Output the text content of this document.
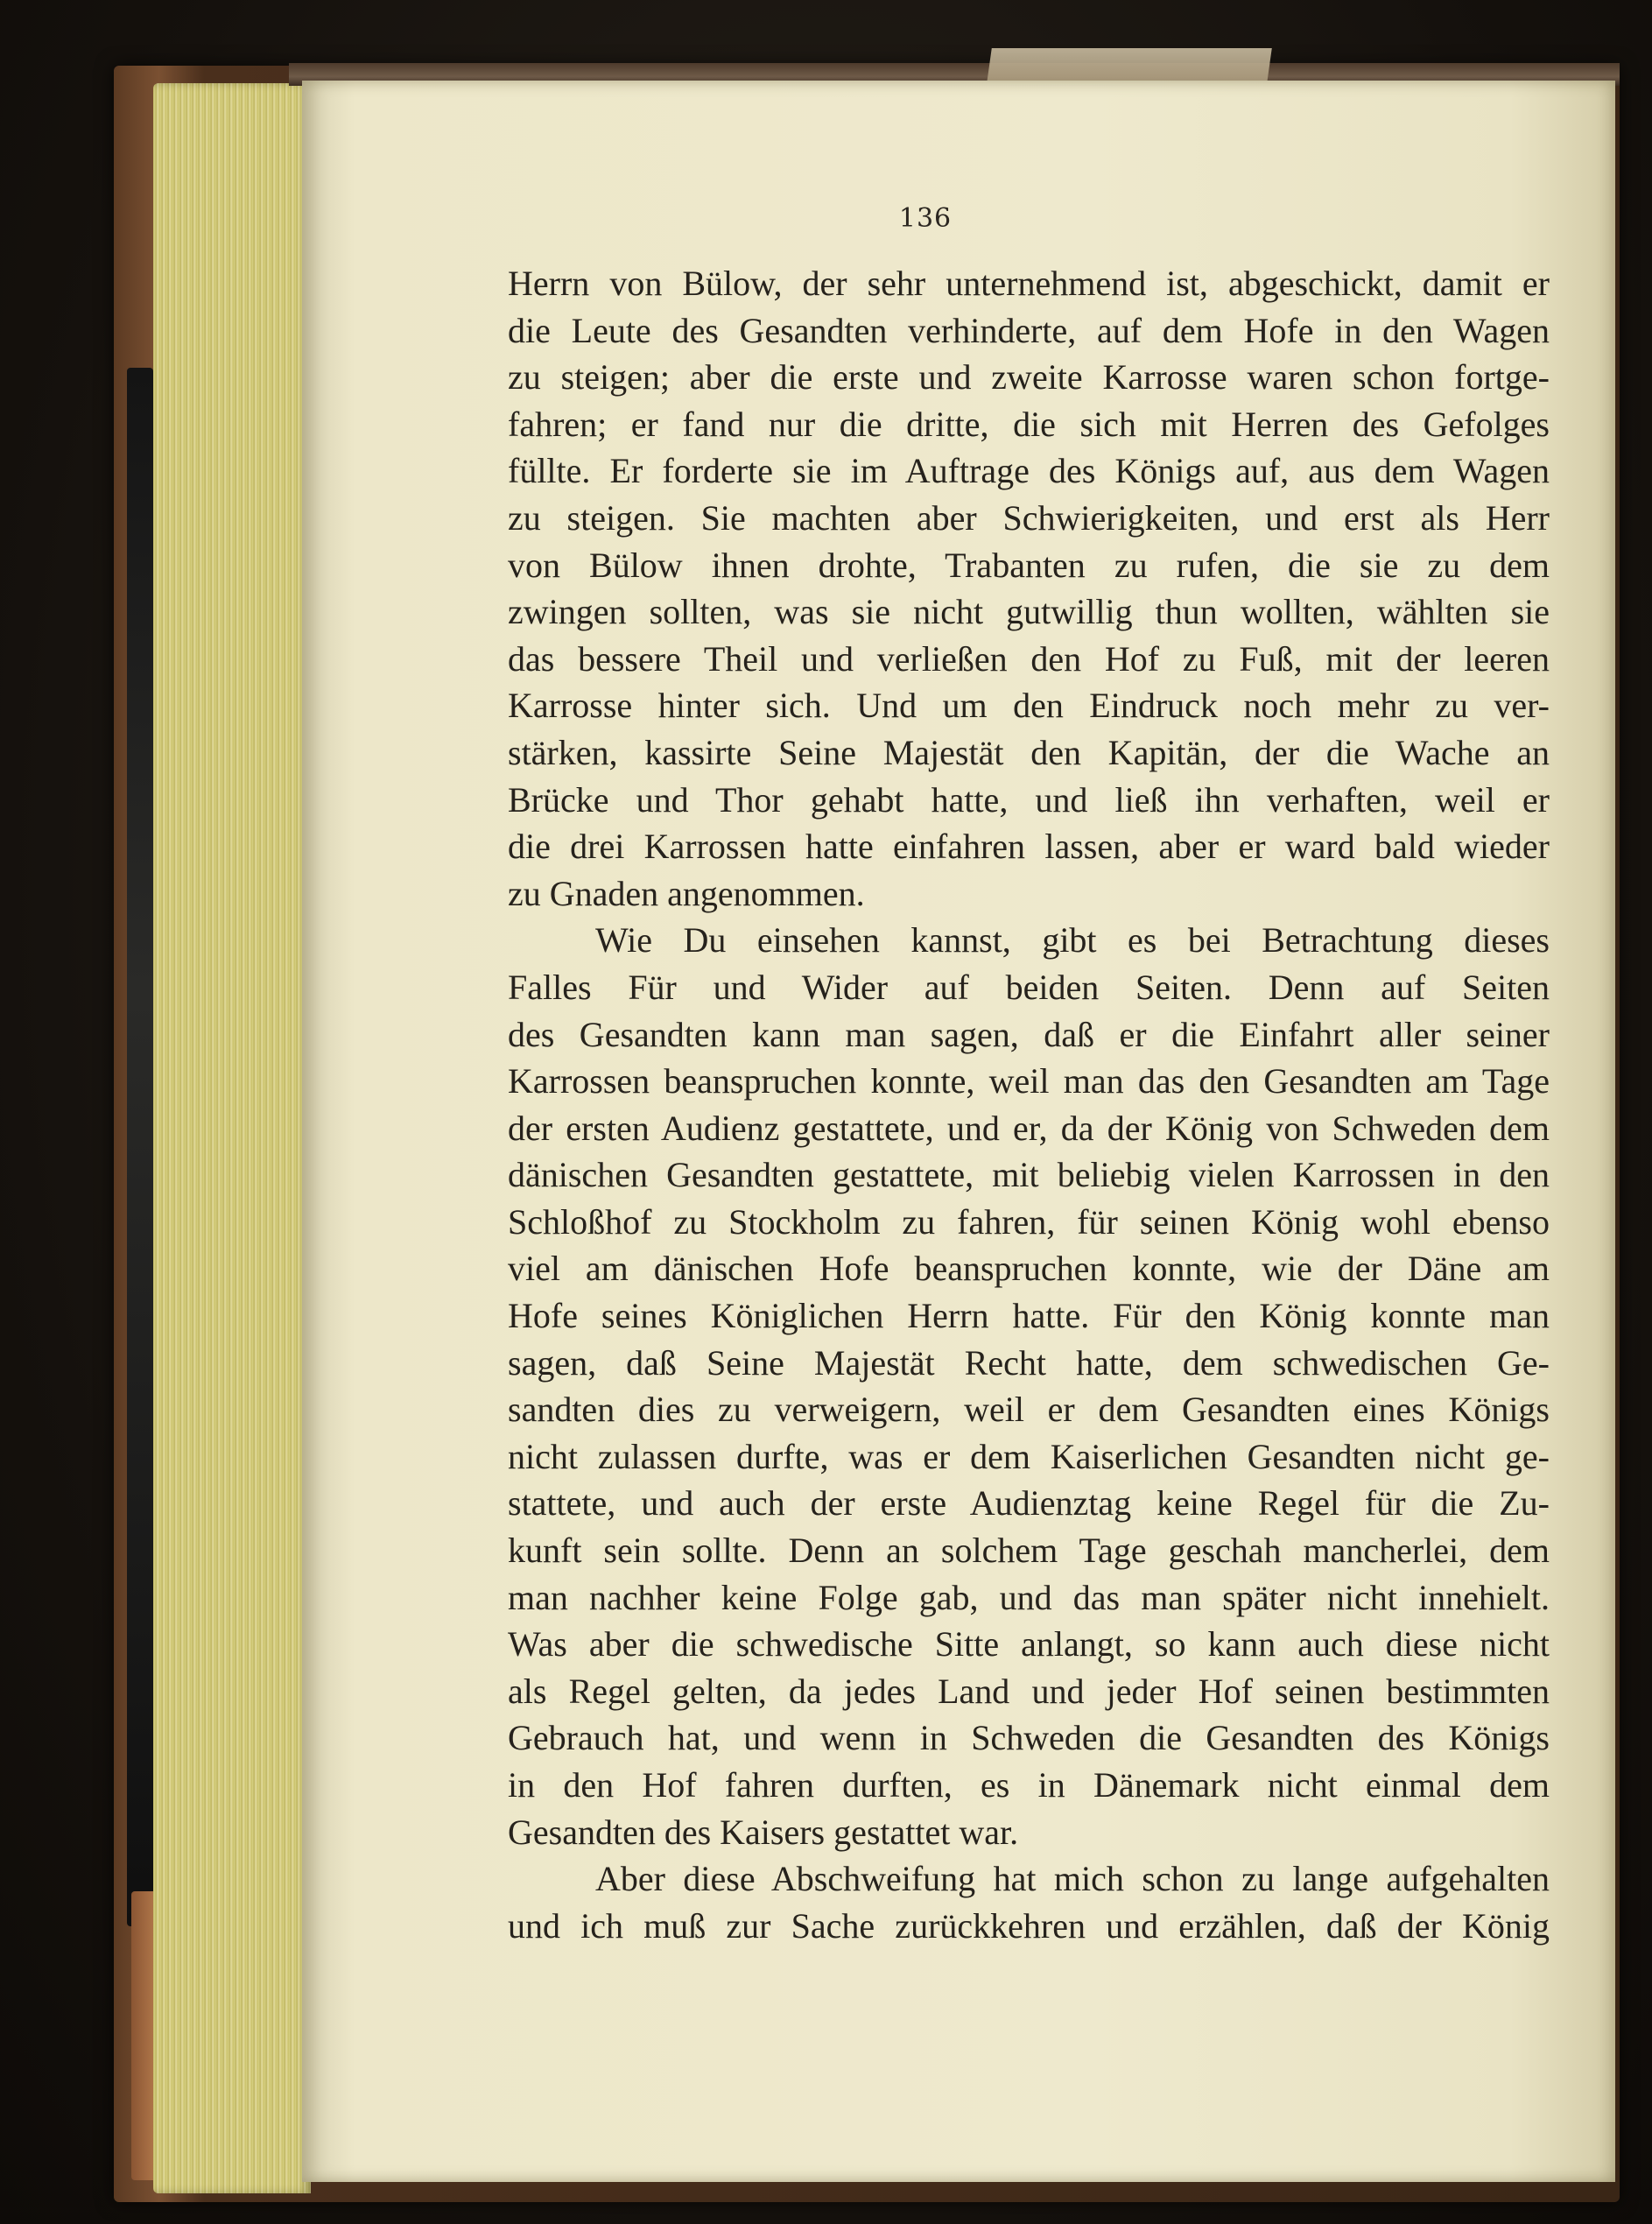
136
Herrn von Bülow, der sehr unternehmend ist, abgeschickt, damit er
die Leute des Gesandten verhinderte, auf dem Hofe in den Wagen
zu steigen; aber die erste und zweite Karrosse waren schon fortge-
fahren; er fand nur die dritte, die sich mit Herren des Gefolges
füllte. Er forderte sie im Auftrage des Königs auf, aus dem Wagen
zu steigen. Sie machten aber Schwierigkeiten, und erst als Herr
von Bülow ihnen drohte, Trabanten zu rufen, die sie zu dem
zwingen sollten, was sie nicht gutwillig thun wollten, wählten sie
das bessere Theil und verließen den Hof zu Fuß, mit der leeren
Karrosse hinter sich. Und um den Eindruck noch mehr zu ver-
stärken, kassirte Seine Majestät den Kapitän, der die Wache an
Brücke und Thor gehabt hatte, und ließ ihn verhaften, weil er
die drei Karrossen hatte einfahren lassen, aber er ward bald wieder
zu Gnaden angenommen.
Wie Du einsehen kannst, gibt es bei Betrachtung dieses
Falles Für und Wider auf beiden Seiten. Denn auf Seiten
des Gesandten kann man sagen, daß er die Einfahrt aller seiner
Karrossen beanspruchen konnte, weil man das den Gesandten am Tage
der ersten Audienz gestattete, und er, da der König von Schweden dem
dänischen Gesandten gestattete, mit beliebig vielen Karrossen in den
Schloßhof zu Stockholm zu fahren, für seinen König wohl ebenso
viel am dänischen Hofe beanspruchen konnte, wie der Däne am
Hofe seines Königlichen Herrn hatte. Für den König konnte man
sagen, daß Seine Majestät Recht hatte, dem schwedischen Ge-
sandten dies zu verweigern, weil er dem Gesandten eines Königs
nicht zulassen durfte, was er dem Kaiserlichen Gesandten nicht ge-
stattete, und auch der erste Audienztag keine Regel für die Zu-
kunft sein sollte. Denn an solchem Tage geschah mancherlei, dem
man nachher keine Folge gab, und das man später nicht innehielt.
Was aber die schwedische Sitte anlangt, so kann auch diese nicht
als Regel gelten, da jedes Land und jeder Hof seinen bestimmten
Gebrauch hat, und wenn in Schweden die Gesandten des Königs
in den Hof fahren durften, es in Dänemark nicht einmal dem
Gesandten des Kaisers gestattet war.
Aber diese Abschweifung hat mich schon zu lange aufgehalten
und ich muß zur Sache zurückkehren und erzählen, daß der König
